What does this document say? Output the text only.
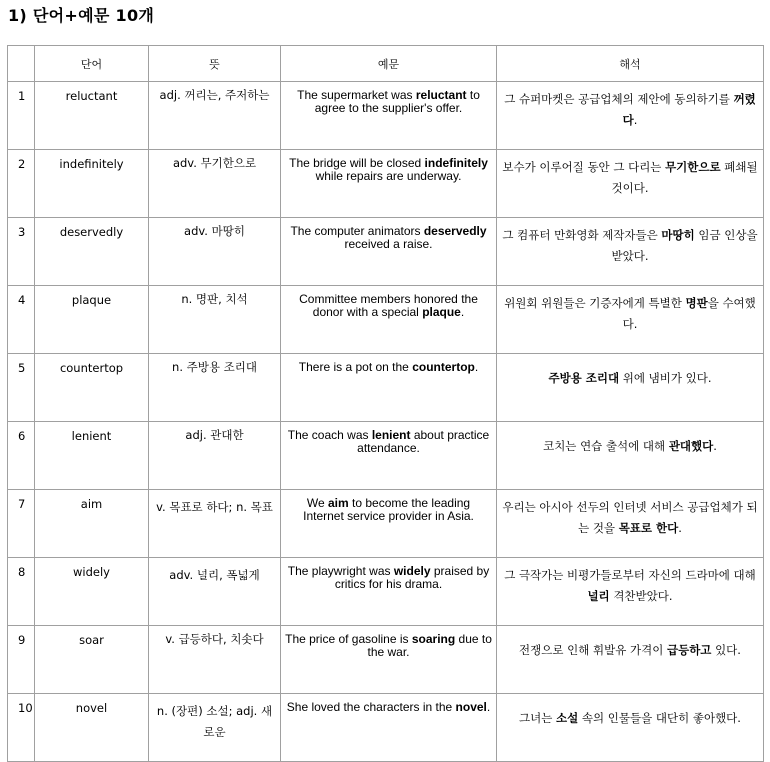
1) 단어+예문 10개
	단어	뜻	예문	해석
1	reluctant	adj. 꺼리는, 주저하는	The supermarket was reluctant to agree to the supplier's offer.	그 슈퍼마켓은 공급업체의 제안에 동의하기를 꺼렸다.

2	indefinitely	adv. 무기한으로	The bridge will be closed indefinitely while repairs are underway.	보수가 이루어질 동안 그 다리는 무기한으로 폐쇄될 것이다.

3	deservedly	adv. 마땅히	The computer animators deservedly received a raise.	그 컴퓨터 만화영화 제작자들은 마땅히 임금 인상을 받았다.

4	plaque	n. 명판, 치석	Committee members honored the donor with a special plaque.	위원회 위원들은 기증자에게 특별한 명판을 수여했다.

5	countertop	n. 주방용 조리대	There is a pot on the countertop.	주방용 조리대 위에 냄비가 있다.

6	lenient	adj. 관대한	The coach was lenient about practice attendance.	코치는 연습 출석에 대해 관대했다.

7	aim	v. 목표로 하다; n. 목표	We aim to become the leading Internet service provider in Asia.	우리는 아시아 선두의 인터넷 서비스 공급업체가 되는 것을 목표로 한다.

8	widely	adv. 널리, 폭넓게	The playwright was widely praised by critics for his drama.	그 극작가는 비평가들로부터 자신의 드라마에 대해 널리 격찬받았다.

9	soar	v. 급등하다, 치솟다	The price of gasoline is soaring due to the war.	전쟁으로 인해 휘발유 가격이 급등하고 있다.

10	novel	n. (장편) 소설; adj. 새로운	She loved the characters in the novel.	그녀는 소설 속의 인물들을 대단히 좋아했다.
